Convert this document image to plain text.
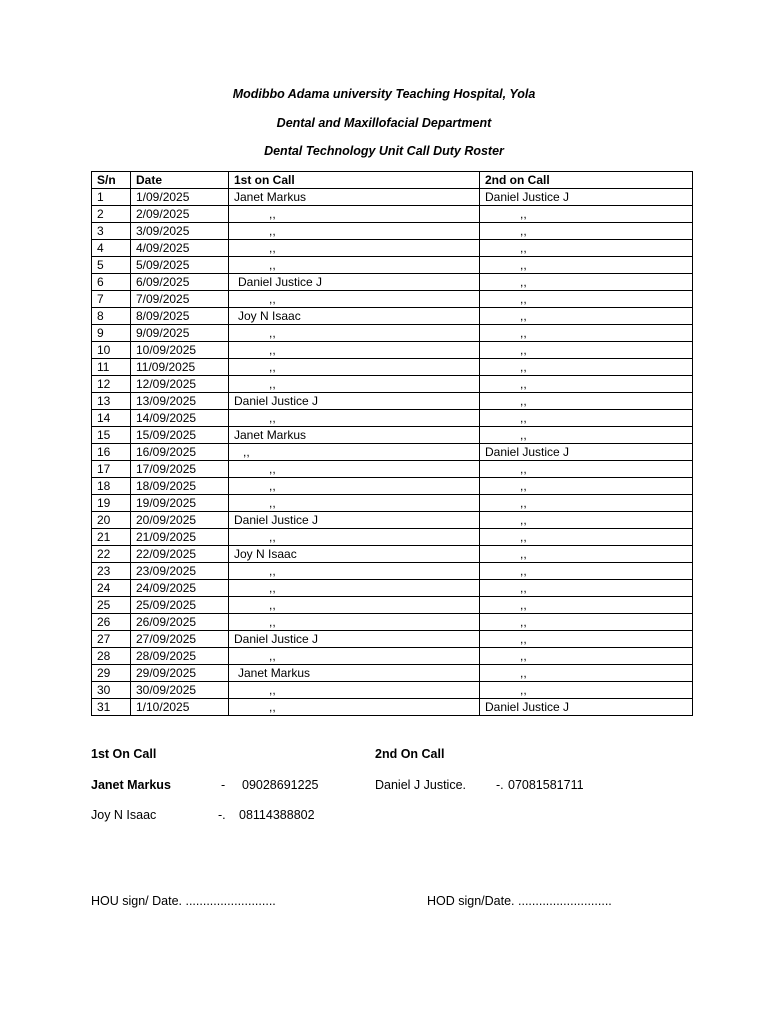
Modibbo Adama university Teaching Hospital, Yola
Dental and Maxillofacial Department
Dental Technology Unit Call Duty Roster
S/n	Date	1st on Call	2nd on Call
1	1/09/2025	Janet Markus	Daniel Justice J
2	2/09/2025	,,	,,
3	3/09/2025	,,	,,
4	4/09/2025	,,	,,
5	5/09/2025	,,	,,
6	6/09/2025	Daniel Justice J	,,
7	7/09/2025	,,	,,
8	8/09/2025	Joy N Isaac	,,
9	9/09/2025	,,	,,
10	10/09/2025	,,	,,
11	11/09/2025	,,	,,
12	12/09/2025	,,	,,
13	13/09/2025	Daniel Justice J	,,
14	14/09/2025	,,	,,
15	15/09/2025	Janet Markus	,,
16	16/09/2025	,,	Daniel Justice J
17	17/09/2025	,,	,,
18	18/09/2025	,,	,,
19	19/09/2025	,,	,,
20	20/09/2025	Daniel Justice J	,,
21	21/09/2025	,,	,,
22	22/09/2025	Joy N Isaac	,,
23	23/09/2025	,,	,,
24	24/09/2025	,,	,,
25	25/09/2025	,,	,,
26	26/09/2025	,,	,,
27	27/09/2025	Daniel Justice J	,,
28	28/09/2025	,,	,,
29	29/09/2025	Janet Markus	,,
30	30/09/2025	,,	,,
31	1/10/2025	,,	Daniel Justice J
1st On Call	2nd On Call
Janet Markus	- 09028691225	Daniel J Justice. -. 07081581711
Joy N Isaac	-. 08114388802
HOU sign/ Date. ..........................	HOD sign/Date. ...........................
